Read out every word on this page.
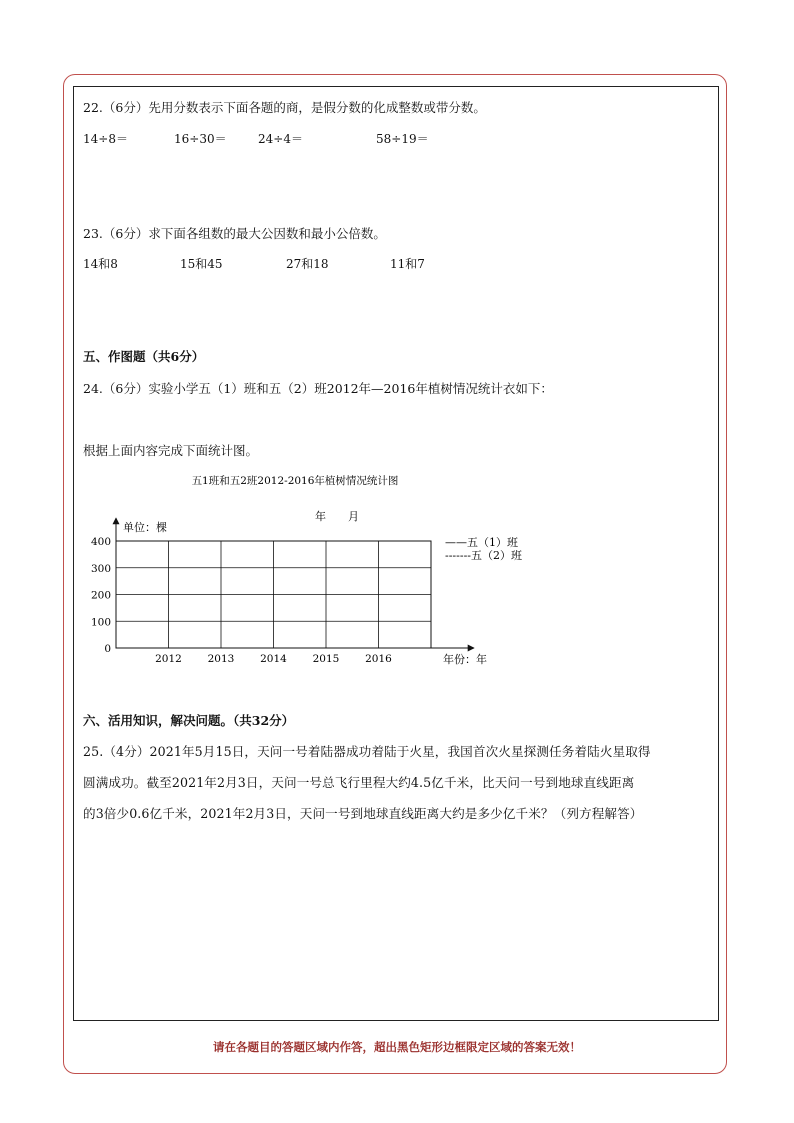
22.（6分）先用分数表示下面各题的商，是假分数的化成整数或带分数。
14÷8＝	16÷30＝	24÷4＝	58÷19＝
23.（6分）求下面各组数的最大公因数和最小公倍数。
14和8	15和45	27和18	11和7
五、作图题（共6分）
24.（6分）实验小学五（1）班和五（2）班2012年—2016年植树情况统计衣如下：
根据上面内容完成下面统计图。
五1班和五2班2012-2016年植树情况统计图
年　　月
单位：棵
年份：年
——五（1）班
-------五（2）班
0
100
200
300
400
2012 2013 2014 2015 2016
六、活用知识，解决问题。（共32分）
25.（4分）2021年5月15日，天问一号着陆器成功着陆于火星，我国首次火星探测任务着陆火星取得
圆满成功。截至2021年2月3日，天问一号总飞行里程大约4.5亿千米，比天问一号到地球直线距离
的3倍少0.6亿千米，2021年2月3日，天问一号到地球直线距离大约是多少亿千米？（列方程解答）
请在各题目的答题区域内作答，超出黑色矩形边框限定区域的答案无效！
